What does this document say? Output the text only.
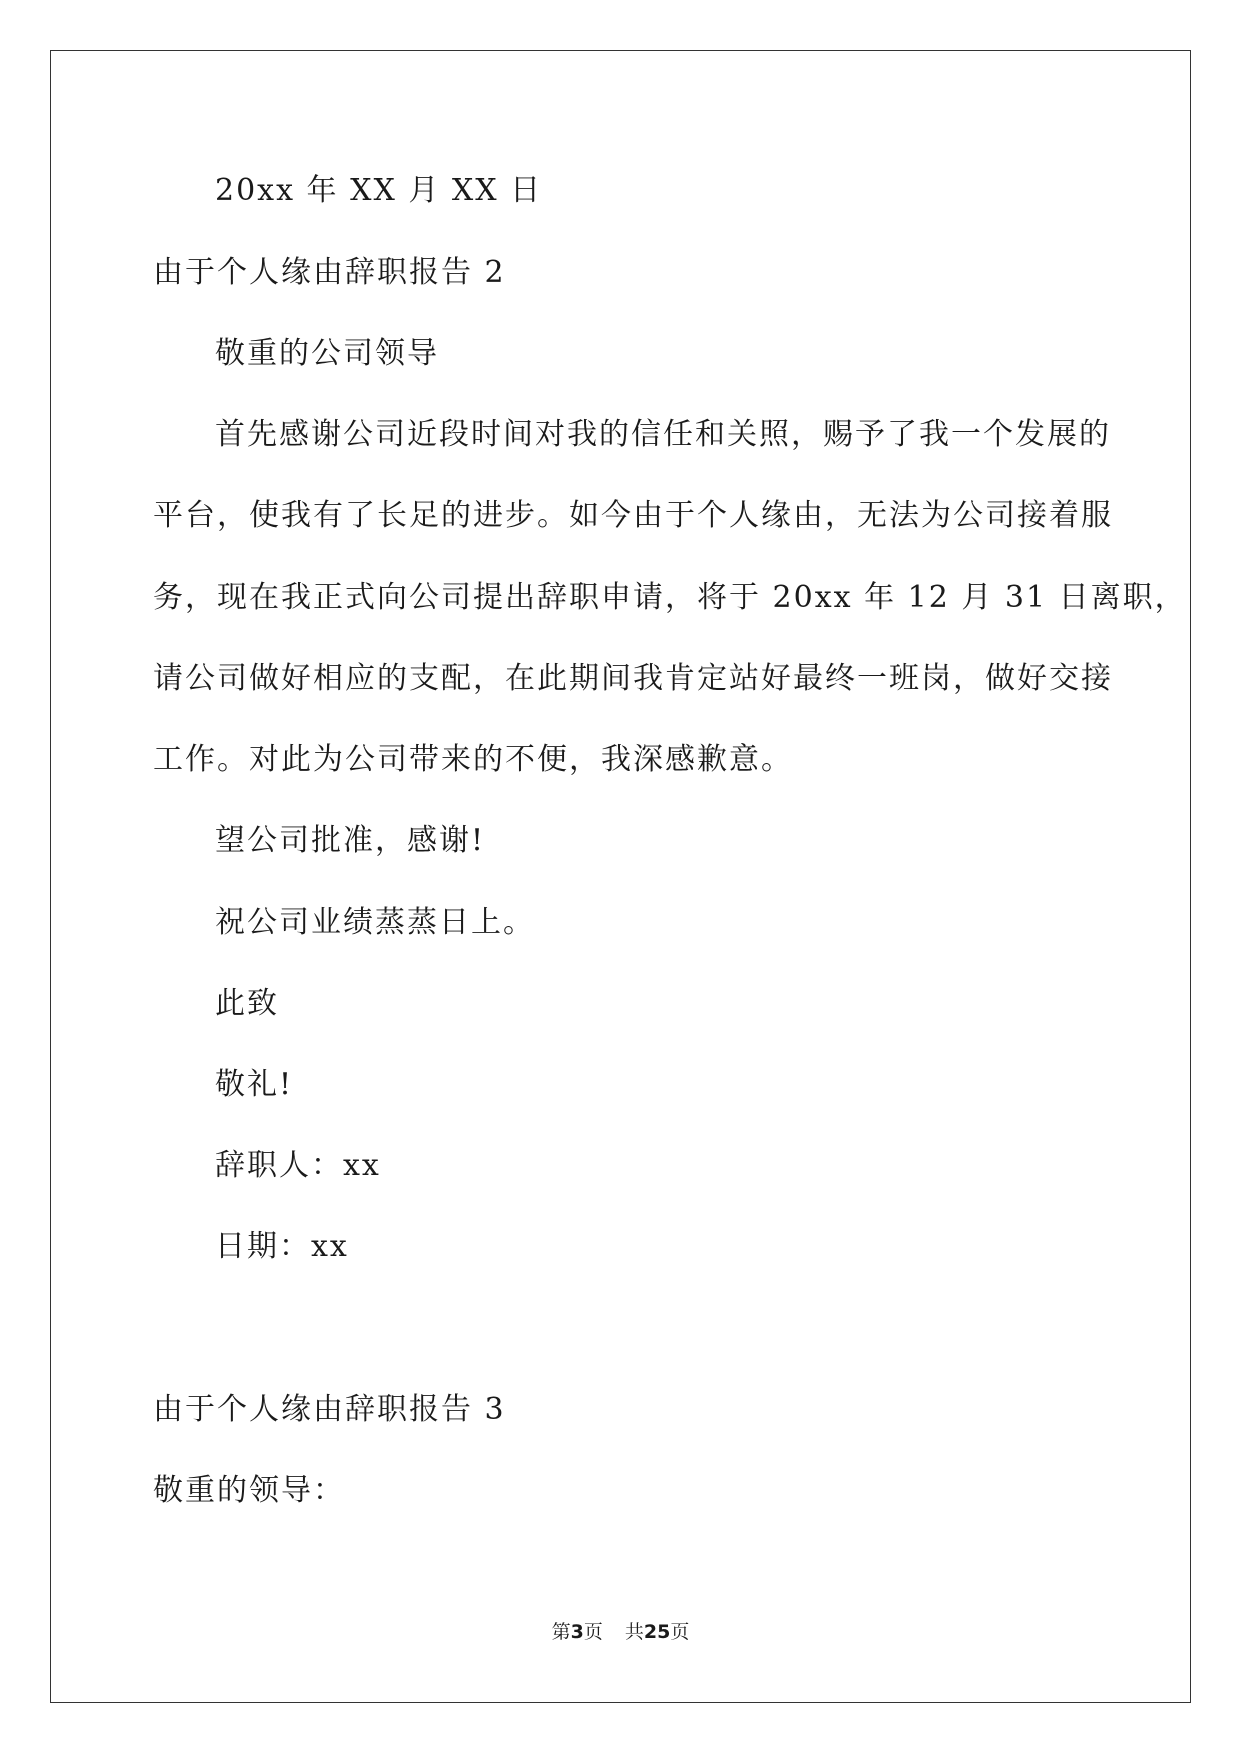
20xx 年 XX 月 XX 日
由于个人缘由辞职报告 2
敬重的公司领导
首先感谢公司近段时间对我的信任和关照，赐予了我一个发展的
平台，使我有了长足的进步。如今由于个人缘由，无法为公司接着服
务，现在我正式向公司提出辞职申请，将于 20xx 年 12 月 31 日离职，
请公司做好相应的支配，在此期间我肯定站好最终一班岗，做好交接
工作。对此为公司带来的不便，我深感歉意。
望公司批准，感谢!
祝公司业绩蒸蒸日上。
此致
敬礼!
辞职人：xx
日期：xx
由于个人缘由辞职报告 3
敬重的领导：
第3页 共25页
